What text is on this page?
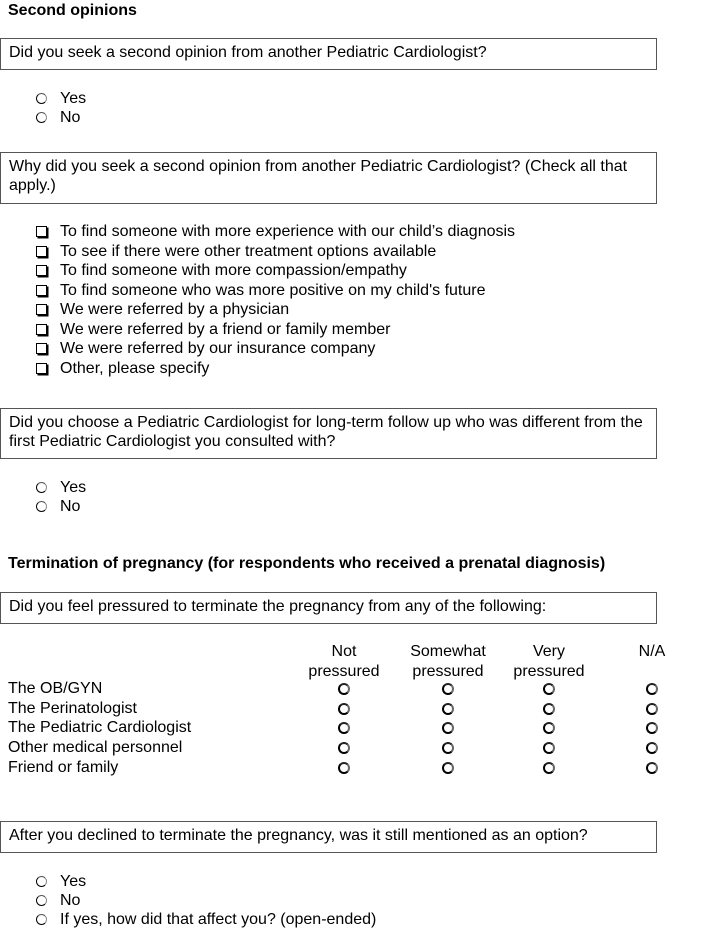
Second opinions
Did you seek a second opinion from another Pediatric Cardiologist?
Yes
No
Why did you seek a second opinion from another Pediatric Cardiologist? (Check all that apply.)
To find someone with more experience with our child’s diagnosis
To see if there were other treatment options available
To find someone with more compassion/empathy
To find someone who was more positive on my child's future
We were referred by a physician
We were referred by a friend or family member
We were referred by our insurance company
Other, please specify
Did you choose a Pediatric Cardiologist for long-term follow up who was different from the first Pediatric Cardiologist you consulted with?
Yes
No
Termination of pregnancy (for respondents who received a prenatal diagnosis)
Did you feel pressured to terminate the pregnancy from any of the following:
Not
pressured
Somewhat
pressured
Very
pressured
N/A
The OB/GYN
The Perinatologist
The Pediatric Cardiologist
Other medical personnel
Friend or family
After you declined to terminate the pregnancy, was it still mentioned as an option?
Yes
No
If yes, how did that affect you? (open-ended)
